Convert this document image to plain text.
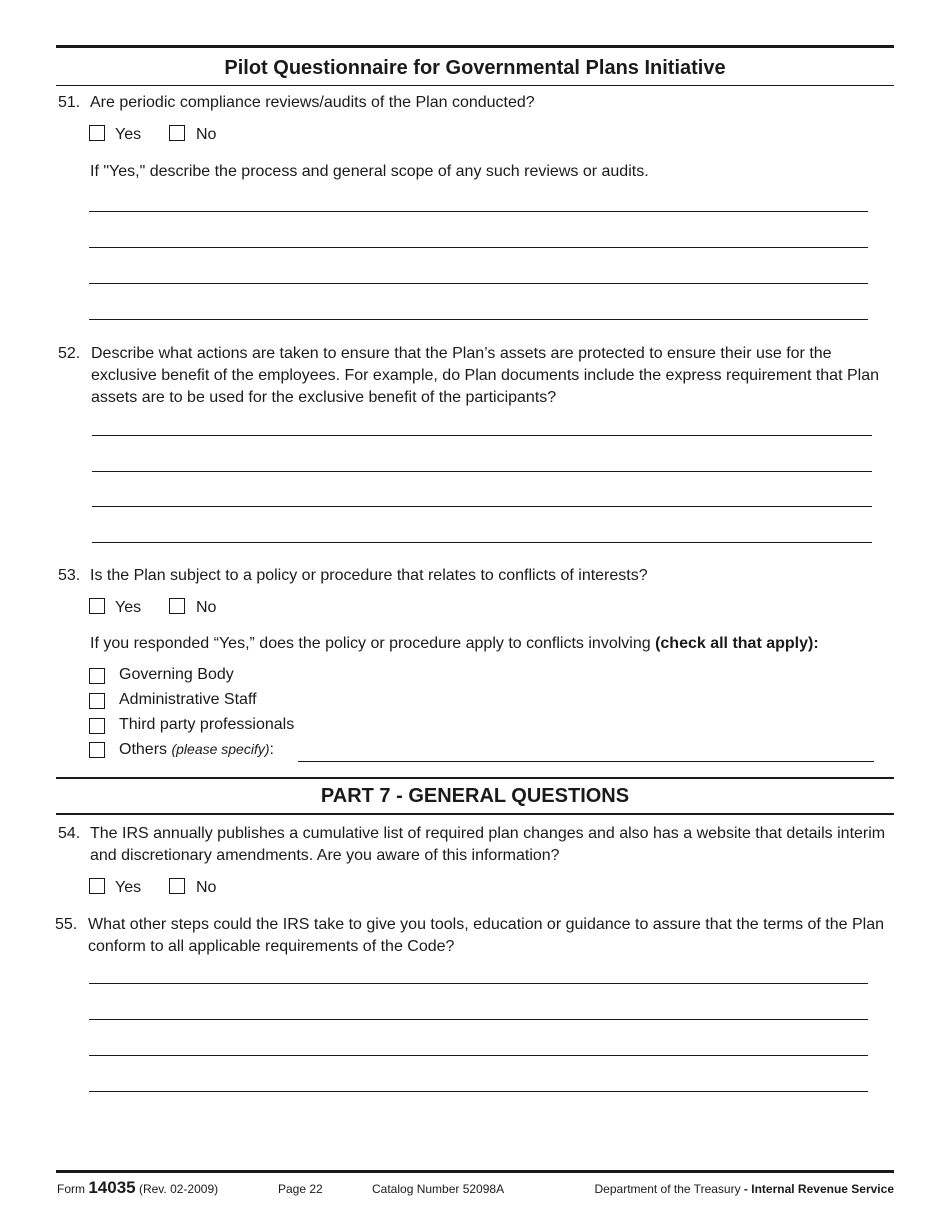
Pilot Questionnaire for Governmental Plans Initiative
51. Are periodic compliance reviews/audits of the Plan conducted?
Yes	No
If "Yes," describe the process and general scope of any such reviews or audits.
52. Describe what actions are taken to ensure that the Plan’s assets are protected to ensure their use for the exclusive benefit of the employees. For example, do Plan documents include the express requirement that Plan assets are to be used for the exclusive benefit of the participants?
53. Is the Plan subject to a policy or procedure that relates to conflicts of interests?
Yes	No
If you responded “Yes,” does the policy or procedure apply to conflicts involving (check all that apply):
Governing Body
Administrative Staff
Third party professionals
Others (please specify):
PART 7 - GENERAL QUESTIONS
54. The IRS annually publishes a cumulative list of required plan changes and also has a website that details interim and discretionary amendments. Are you aware of this information?
Yes	No
55. What other steps could the IRS take to give you tools, education or guidance to assure that the terms of the Plan conform to all applicable requirements of the Code?
Form 14035 (Rev. 02-2009)	Page 22	Catalog Number 52098A	Department of the Treasury - Internal Revenue Service
